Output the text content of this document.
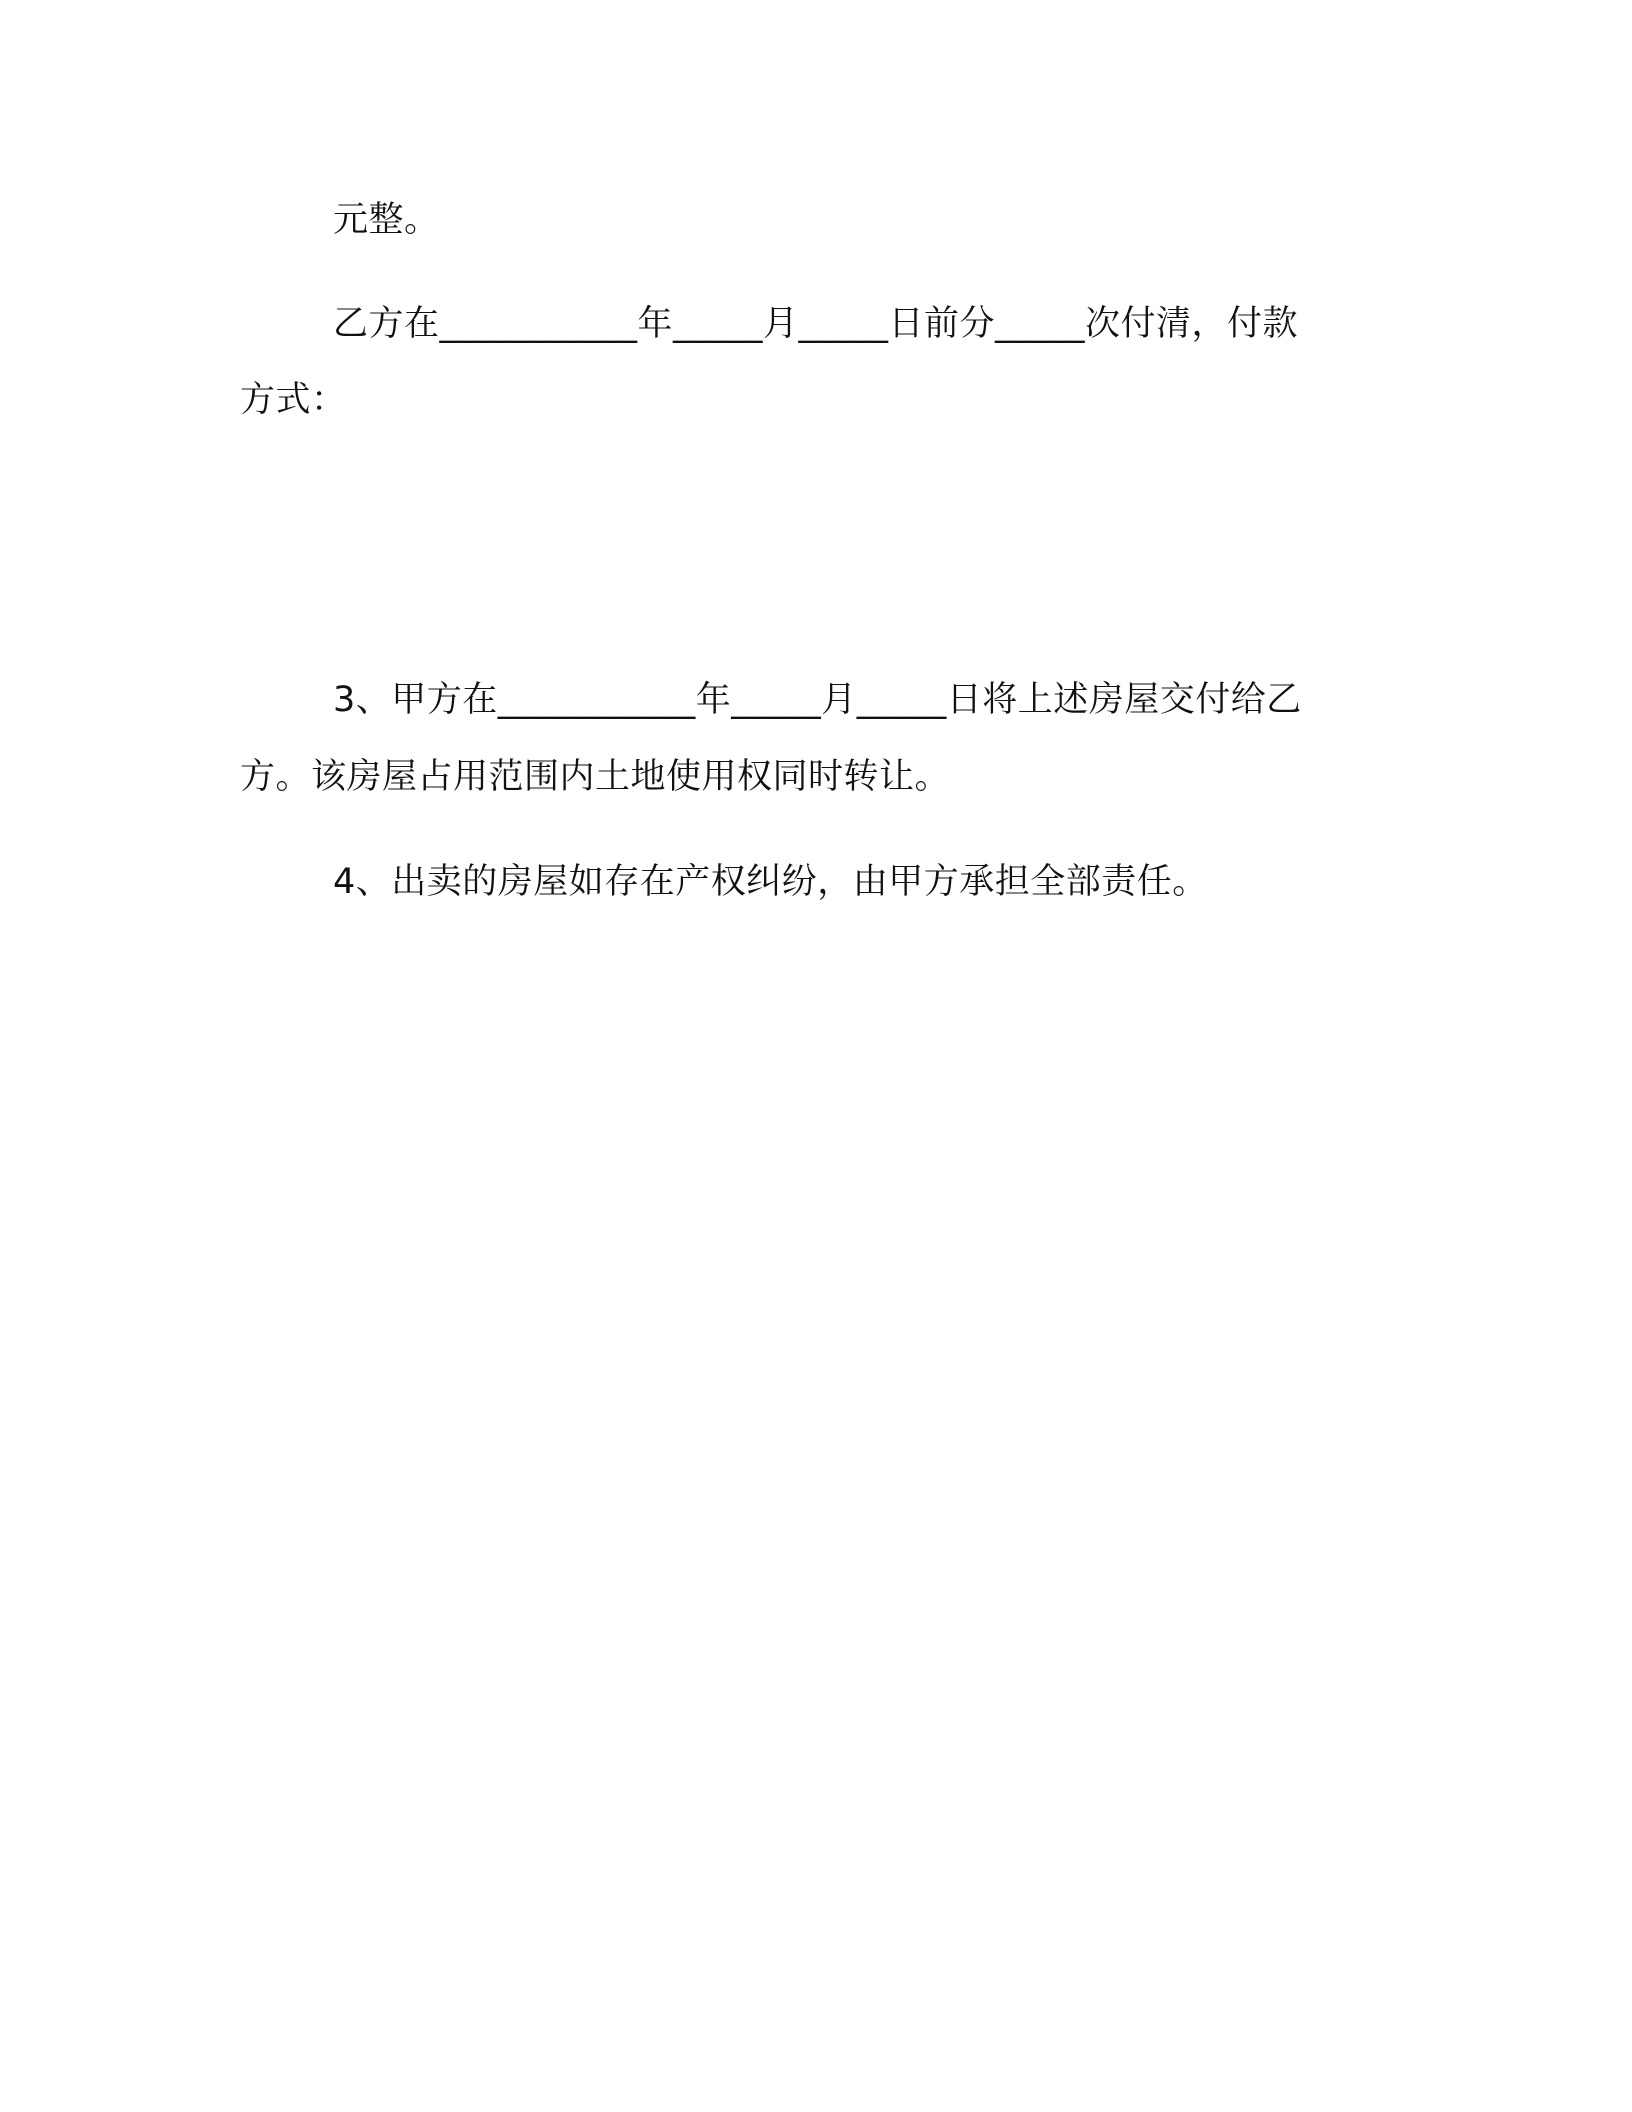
元整。
乙方在___________年_____月_____日前分_____次付清，付款
方式：
3、甲方在___________年_____月_____日将上述房屋交付给乙
方。该房屋占用范围内土地使用权同时转让。
4、出卖的房屋如存在产权纠纷，由甲方承担全部责任。
